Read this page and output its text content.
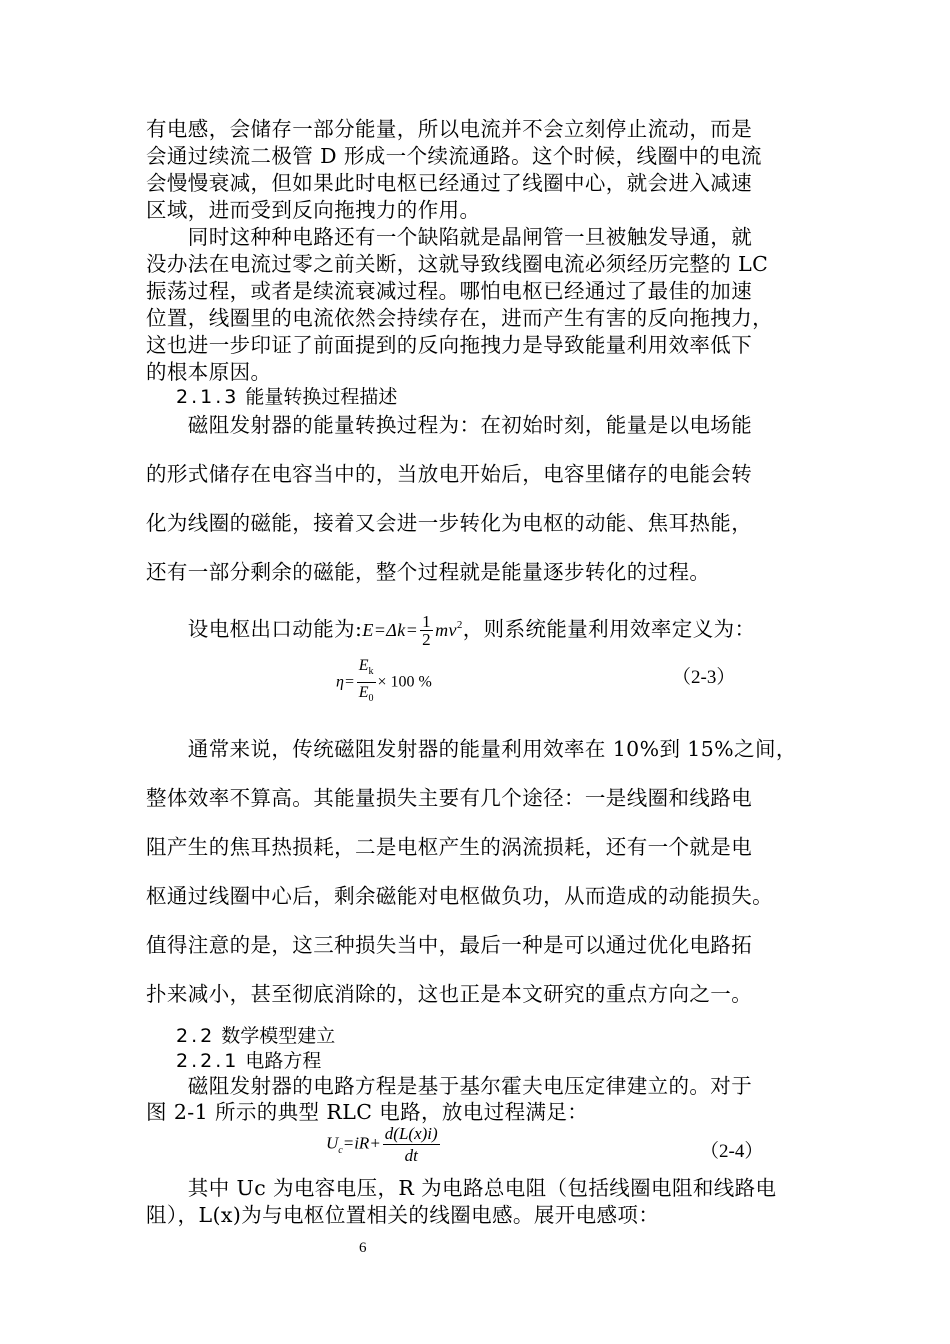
有电感，会储存一部分能量，所以电流并不会立刻停止流动，而是
会通过续流二极管 D 形成一个续流通路。这个时候，线圈中的电流
会慢慢衰减，但如果此时电枢已经通过了线圈中心，就会进入减速
区域，进而受到反向拖拽力的作用。
　　同时这种种电路还有一个缺陷就是晶闸管一旦被触发导通，就
没办法在电流过零之前关断，这就导致线圈电流必须经历完整的 LC
振荡过程，或者是续流衰减过程。哪怕电枢已经通过了最佳的加速
位置，线圈里的电流依然会持续存在，进而产生有害的反向拖拽力，
这也进一步印证了前面提到的反向拖拽力是导致能量利用效率低下
的根本原因。
2.1.3 能量转换过程描述
　　磁阻发射器的能量转换过程为：在初始时刻，能量是以电场能
的形式储存在电容当中的，当放电开始后，电容里储存的电能会转
化为线圈的磁能，接着又会进一步转化为电枢的动能、焦耳热能，
还有一部分剩余的磁能，整个过程就是能量逐步转化的过程。
　　设电枢出口动能为:E=Δk= $\frac{1}{2} mv^2$，则系统能量利用效率定义为：
$\eta= \frac{E_k}{E_0} \times 100$ %	（2-3）
　　通常来说，传统磁阻发射器的能量利用效率在 10%到 15%之间，
整体效率不算高。其能量损失主要有几个途径：一是线圈和线路电
阻产生的焦耳热损耗，二是电枢产生的涡流损耗，还有一个就是电
枢通过线圈中心后，剩余磁能对电枢做负功，从而造成的动能损失。
值得注意的是，这三种损失当中，最后一种是可以通过优化电路拓
扑来减小，甚至彻底消除的，这也正是本文研究的重点方向之一。
2.2 数学模型建立
2.2.1 电路方程
　　磁阻发射器的电路方程是基于基尔霍夫电压定律建立的。对于
图 2-1 所示的典型 RLC 电路，放电过程满足：
$U_c=iR+ \frac{d(L(x)i)}{dt}$	（2-4）
　　其中 Uc 为电容电压，R 为电路总电阻（包括线圈电阻和线路电
阻），L(x)为与电枢位置相关的线圈电感。展开电感项：
6
